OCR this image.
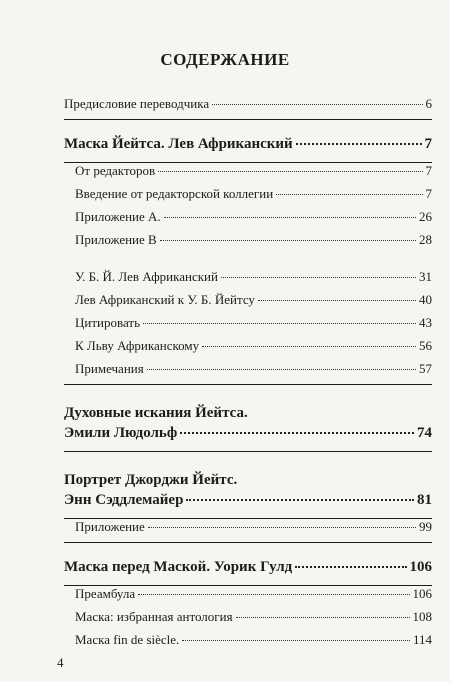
СОДЕРЖАНИЕ
Предисловие переводчика	6
Маска Йейтса. Лев Африканский	7
От редакторов	7
Введение от редакторской коллегии	7
Приложение А.	26
Приложение В	28
У. Б. Й. Лев Африканский	31
Лев Африканский к У. Б. Йейтсу	40
Цитировать	43
К Льву Африканскому	56
Примечания	57
Духовные искания Йейтса.
Эмили Людольф	74
Портрет Джорджи Йейтс.
Энн Сэддлемайер	81
Приложение	99
Маска перед Маской. Уорик Гулд	106
Преамбула	106
Маска: избранная антология	108
Маска fin de siècle.	114
4
